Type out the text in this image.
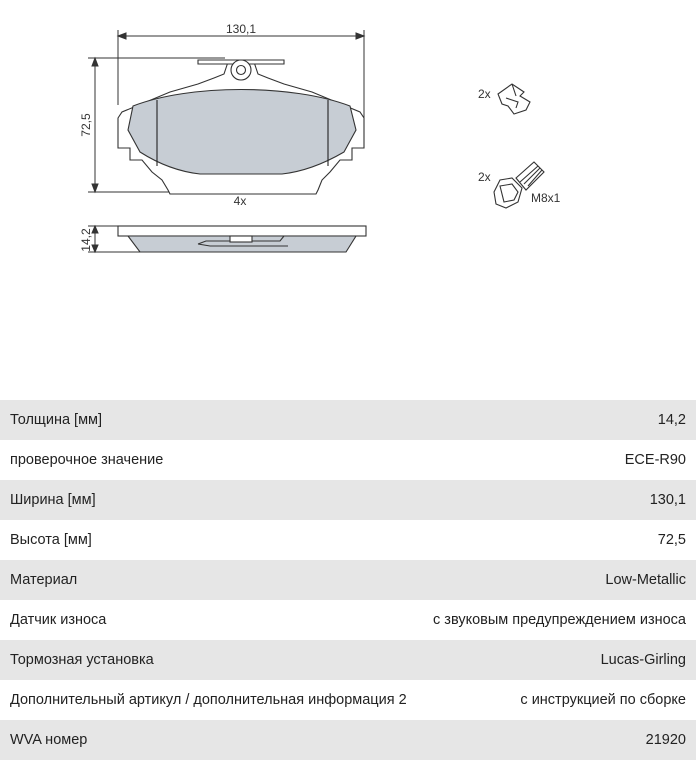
130,1
72,5
4x
14,2
2x
2x
M8x1
Толщина [мм]	14,2
проверочное значение	ECE-R90
Ширина [мм]	130,1
Высота [мм]	72,5
Материал	Low-Metallic
Датчик износа	с звуковым предупреждением износа
Тормозная установка	Lucas-Girling
Дополнительный артикул / дополнительная информация 2	с инструкцией по сборке
WVA номер	21920
